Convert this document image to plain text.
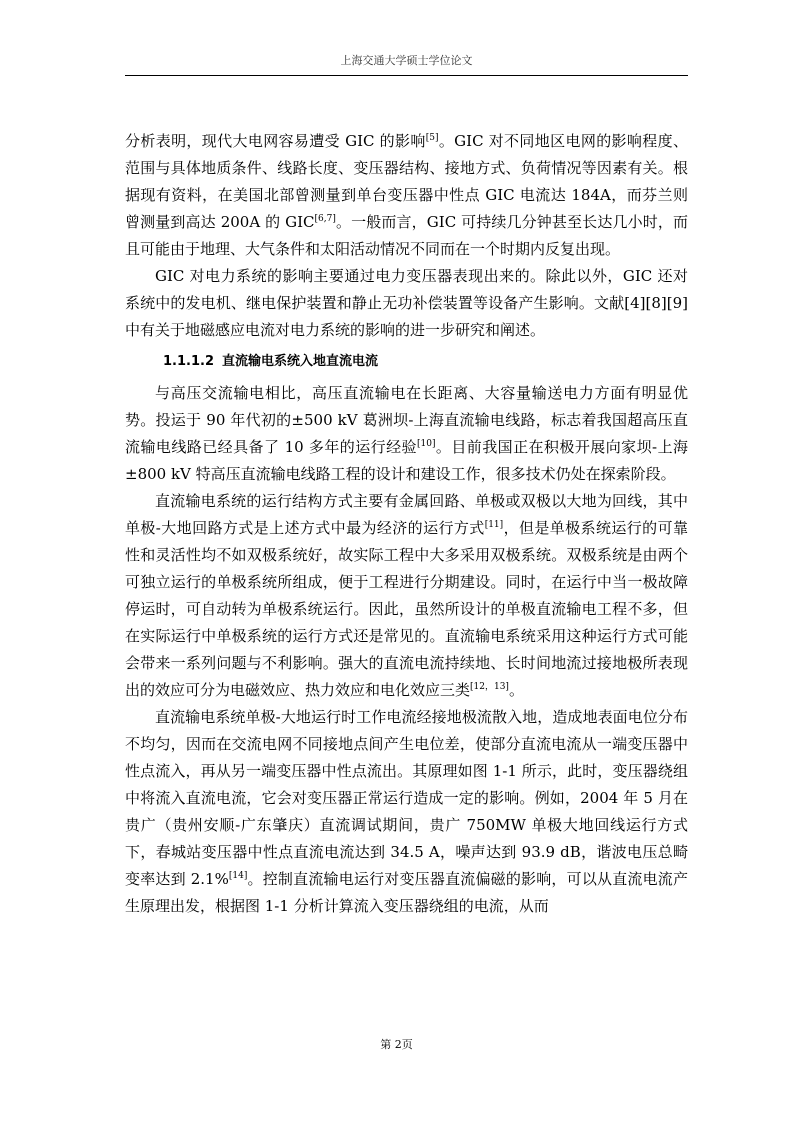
上海交通大学硕士学位论文

分析表明，现代大电网容易遭受 GIC 的影响[5]。GIC 对不同地区电网的影响程度、范围与具体地质条件、线路长度、变压器结构、接地方式、负荷情况等因素有关。根据现有资料，在美国北部曾测量到单台变压器中性点 GIC 电流达 184A，而芬兰则曾测量到高达 200A 的 GIC[6,7]。一般而言，GIC 可持续几分钟甚至长达几小时，而且可能由于地理、大气条件和太阳活动情况不同而在一个时期内反复出现。

GIC 对电力系统的影响主要通过电力变压器表现出来的。除此以外，GIC 还对系统中的发电机、继电保护装置和静止无功补偿装置等设备产生影响。文献[4][8][9]中有关于地磁感应电流对电力系统的影响的进一步研究和阐述。

1.1.1.2 直流输电系统入地直流电流

与高压交流输电相比，高压直流输电在长距离、大容量输送电力方面有明显优势。投运于 90 年代初的±500 kV 葛洲坝-上海直流输电线路，标志着我国超高压直流输电线路已经具备了 10 多年的运行经验[10]。目前我国正在积极开展向家坝-上海±800 kV 特高压直流输电线路工程的设计和建设工作，很多技术仍处在探索阶段。

直流输电系统的运行结构方式主要有金属回路、单极或双极以大地为回线，其中单极-大地回路方式是上述方式中最为经济的运行方式[11]，但是单极系统运行的可靠性和灵活性均不如双极系统好，故实际工程中大多采用双极系统。双极系统是由两个可独立运行的单极系统所组成，便于工程进行分期建设。同时，在运行中当一极故障停运时，可自动转为单极系统运行。因此，虽然所设计的单极直流输电工程不多，但在实际运行中单极系统的运行方式还是常见的。直流输电系统采用这种运行方式可能会带来一系列问题与不利影响。强大的直流电流持续地、长时间地流过接地极所表现出的效应可分为电磁效应、热力效应和电化效应三类[12，13]。

直流输电系统单极-大地运行时工作电流经接地极流散入地，造成地表面电位分布不均匀，因而在交流电网不同接地点间产生电位差，使部分直流电流从一端变压器中性点流入，再从另一端变压器中性点流出。其原理如图 1-1 所示，此时，变压器绕组中将流入直流电流，它会对变压器正常运行造成一定的影响。例如，2004 年 5 月在贵广（贵州安顺-广东肇庆）直流调试期间，贵广 750MW 单极大地回线运行方式下，春城站变压器中性点直流电流达到 34.5 A，噪声达到 93.9 dB，谐波电压总畸变率达到 2.1%[14]。控制直流输电运行对变压器直流偏磁的影响，可以从直流电流产生原理出发，根据图 1-1 分析计算流入变压器绕组的电流，从而

第 2页
